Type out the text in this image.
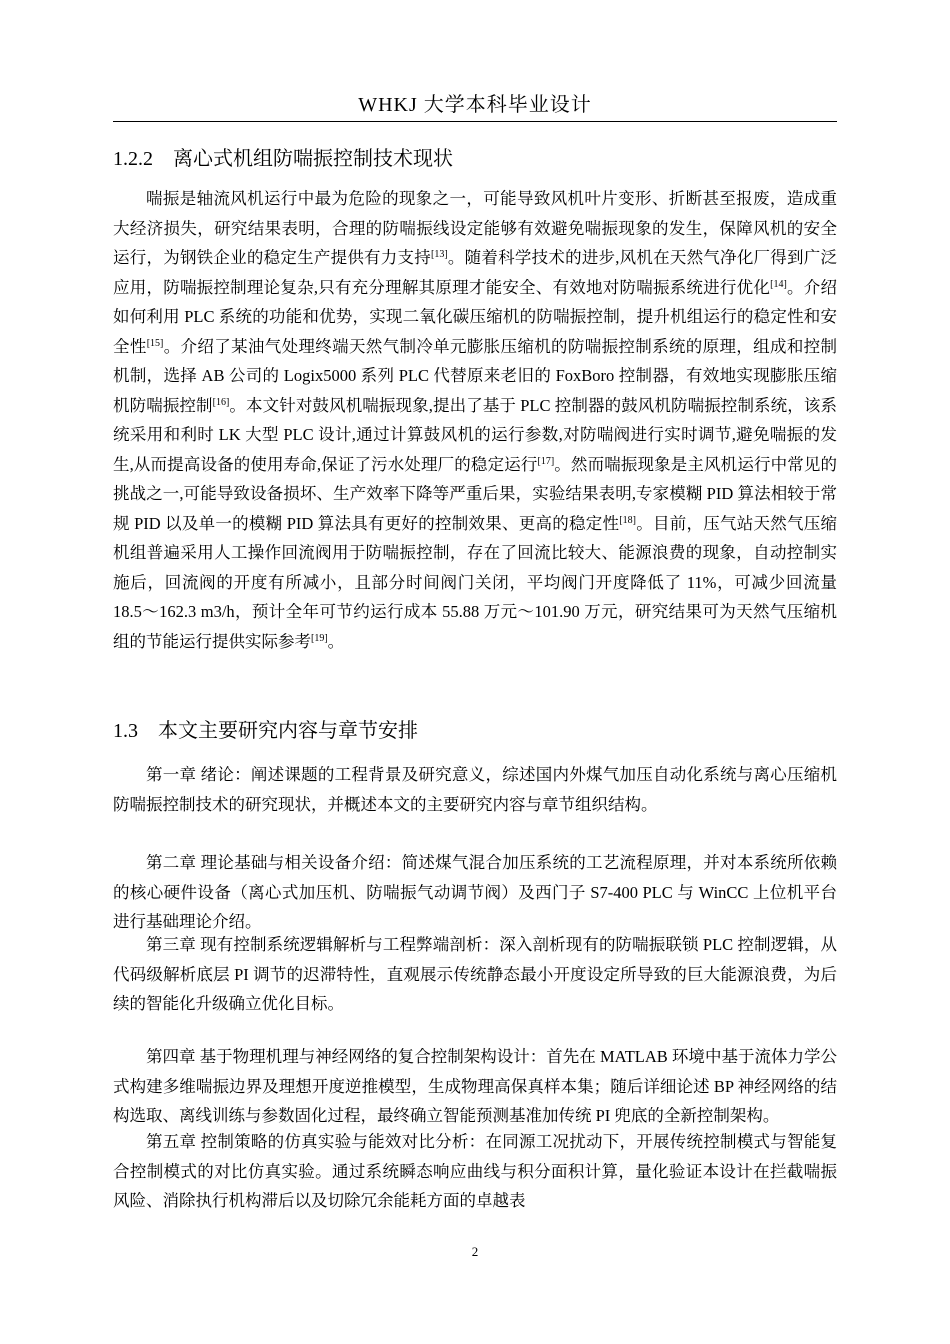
WHKJ 大学本科毕业设计
1.2.2 离心式机组防喘振控制技术现状

喘振是轴流风机运行中最为危险的现象之一，可能导致风机叶片变形、折断甚至报废，造成重大经济损失，研究结果表明，合理的防喘振线设定能够有效避免喘振现象的发生，保障风机的安全运行，为钢铁企业的稳定生产提供有力支持[13]。随着科学技术的进步,风机在天然气净化厂得到广泛应用，防喘振控制理论复杂,只有充分理解其原理才能安全、有效地对防喘振系统进行优化[14]。介绍如何利用 PLC 系统的功能和优势，实现二氧化碳压缩机的防喘振控制，提升机组运行的稳定性和安全性[15]。介绍了某油气处理终端天然气制冷单元膨胀压缩机的防喘振控制系统的原理，组成和控制机制，选择 AB 公司的 Logix5000 系列 PLC 代替原来老旧的 FoxBoro 控制器，有效地实现膨胀压缩机防喘振控制[16]。本文针对鼓风机喘振现象,提出了基于 PLC 控制器的鼓风机防喘振控制系统，该系统采用和利时 LK 大型 PLC 设计,通过计算鼓风机的运行参数,对防喘阀进行实时调节,避免喘振的发生,从而提高设备的使用寿命,保证了污水处理厂的稳定运行[17]。然而喘振现象是主风机运行中常见的挑战之一,可能导致设备损坏、生产效率下降等严重后果，实验结果表明,专家模糊 PID 算法相较于常规 PID 以及单一的模糊 PID 算法具有更好的控制效果、更高的稳定性[18]。目前，压气站天然气压缩机组普遍采用人工操作回流阀用于防喘振控制，存在了回流比较大、能源浪费的现象，自动控制实施后，回流阀的开度有所减小，且部分时间阀门关闭，平均阀门开度降低了 11%，可减少回流量 18.5～162.3 m3/h，预计全年可节约运行成本 55.88 万元～101.90 万元，研究结果可为天然气压缩机组的节能运行提供实际参考[19]。

1.3 本文主要研究内容与章节安排

第一章 绪论：阐述课题的工程背景及研究意义，综述国内外煤气加压自动化系统与离心压缩机防喘振控制技术的研究现状，并概述本文的主要研究内容与章节组织结构。

第二章 理论基础与相关设备介绍：简述煤气混合加压系统的工艺流程原理，并对本系统所依赖的核心硬件设备（离心式加压机、防喘振气动调节阀）及西门子 S7-400 PLC 与 WinCC 上位机平台进行基础理论介绍。

第三章 现有控制系统逻辑解析与工程弊端剖析：深入剖析现有的防喘振联锁 PLC 控制逻辑，从代码级解析底层 PI 调节的迟滞特性，直观展示传统静态最小开度设定所导致的巨大能源浪费，为后续的智能化升级确立优化目标。

第四章 基于物理机理与神经网络的复合控制架构设计：首先在 MATLAB 环境中基于流体力学公式构建多维喘振边界及理想开度逆推模型，生成物理高保真样本集；随后详细论述 BP 神经网络的结构选取、离线训练与参数固化过程，最终确立智能预测基准加传统 PI 兜底的全新控制架构。

第五章 控制策略的仿真实验与能效对比分析：在同源工况扰动下，开展传统控制模式与智能复合控制模式的对比仿真实验。通过系统瞬态响应曲线与积分面积计算，量化验证本设计在拦截喘振风险、消除执行机构滞后以及切除冗余能耗方面的卓越表

2
